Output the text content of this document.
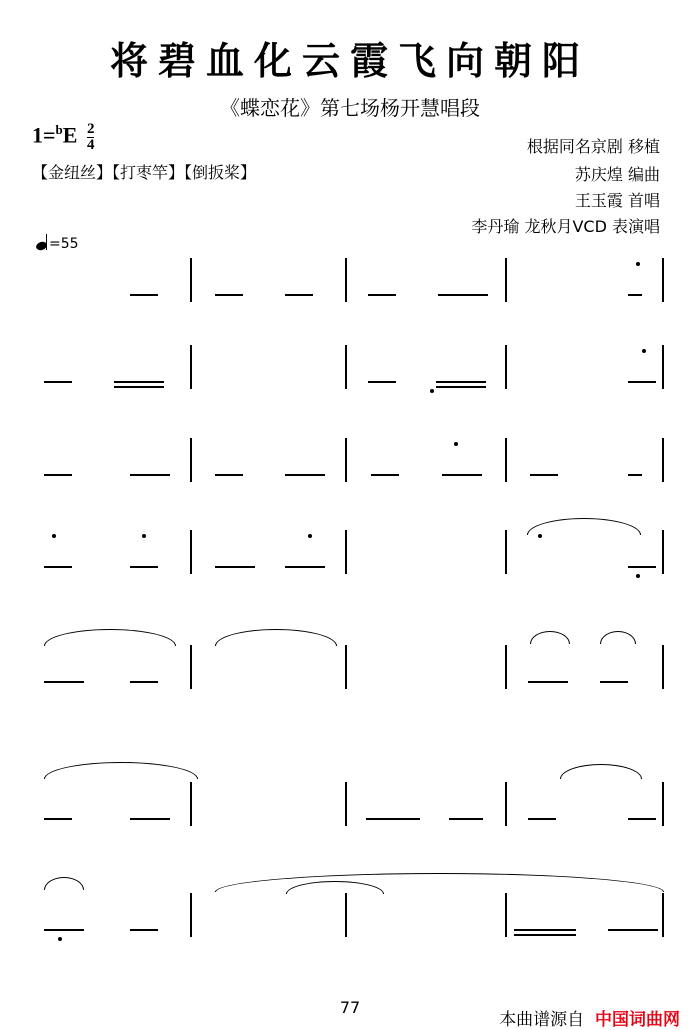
将碧血化云霞飞向朝阳
《蝶恋花》第七场杨开慧唱段
$1=^bE \frac{2}{4}$
【金纽丝】【打枣竿】【倒扳桨】
根据同名京剧 移植
苏庆煌 编曲
王玉霞 首唱
李丹瑜 龙秋月VCD 表演唱
=55
77
本曲谱源自 中国词曲网
